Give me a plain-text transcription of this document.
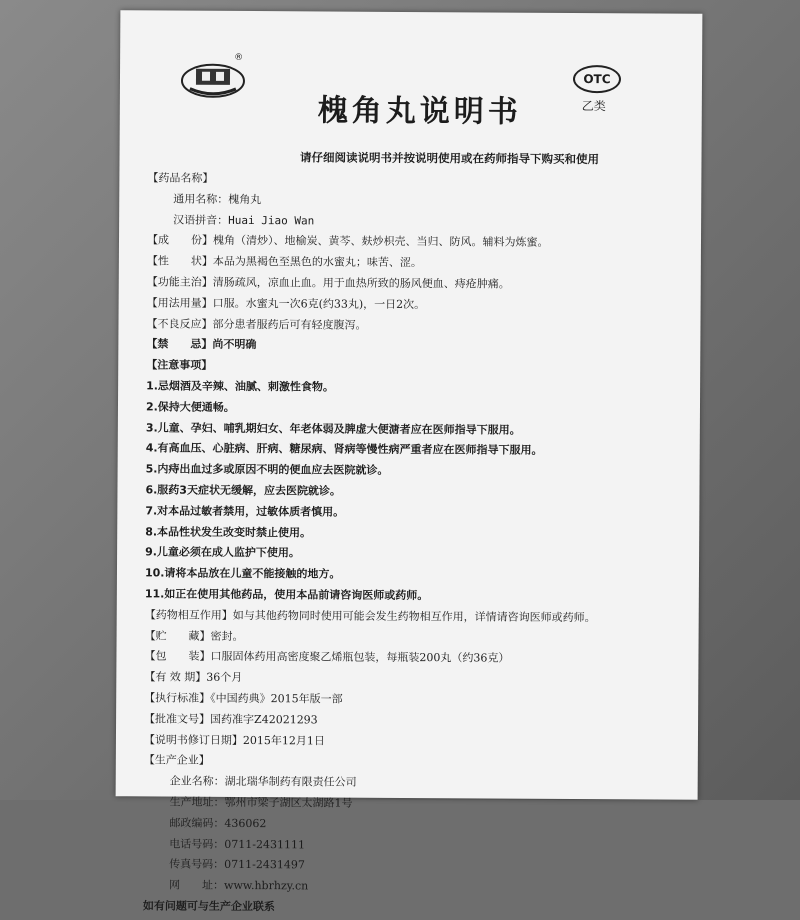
®
槐角丸说明书
OTC
乙类
请仔细阅读说明书并按说明使用或在药师指导下购买和使用
【药品名称】
通用名称：槐角丸
汉语拼音：Huai Jiao Wan
【成　　份】槐角（清炒）、地榆炭、黄芩、麸炒枳壳、当归、防风。辅料为炼蜜。
【性　　状】本品为黑褐色至黑色的水蜜丸；味苦、涩。
【功能主治】清肠疏风，凉血止血。用于血热所致的肠风便血、痔疮肿痛。
【用法用量】口服。水蜜丸一次6克(约33丸)，一日2次。
【不良反应】部分患者服药后可有轻度腹泻。
【禁　　忌】尚不明确
【注意事项】
1.忌烟酒及辛辣、油腻、刺激性食物。
2.保持大便通畅。
3.儿童、孕妇、哺乳期妇女、年老体弱及脾虚大便溏者应在医师指导下服用。
4.有高血压、心脏病、肝病、糖尿病、肾病等慢性病严重者应在医师指导下服用。
5.内痔出血过多或原因不明的便血应去医院就诊。
6.服药3天症状无缓解，应去医院就诊。
7.对本品过敏者禁用，过敏体质者慎用。
8.本品性状发生改变时禁止使用。
9.儿童必须在成人监护下使用。
10.请将本品放在儿童不能接触的地方。
11.如正在使用其他药品，使用本品前请咨询医师或药师。
【药物相互作用】如与其他药物同时使用可能会发生药物相互作用，详情请咨询医师或药师。
【贮　　藏】密封。
【包　　装】口服固体药用高密度聚乙烯瓶包装，每瓶装200丸（约36克）
【有 效 期】36个月
【执行标准】《中国药典》2015年版一部
【批准文号】国药准字Z42021293
【说明书修订日期】2015年12月1日
【生产企业】
企业名称：湖北瑞华制药有限责任公司
生产地址：鄂州市梁子湖区太湖路1号
邮政编码：436062
电话号码：0711-2431111
传真号码：0711-2431497
网　　址：www.hbrhzy.cn
如有问题可与生产企业联系
